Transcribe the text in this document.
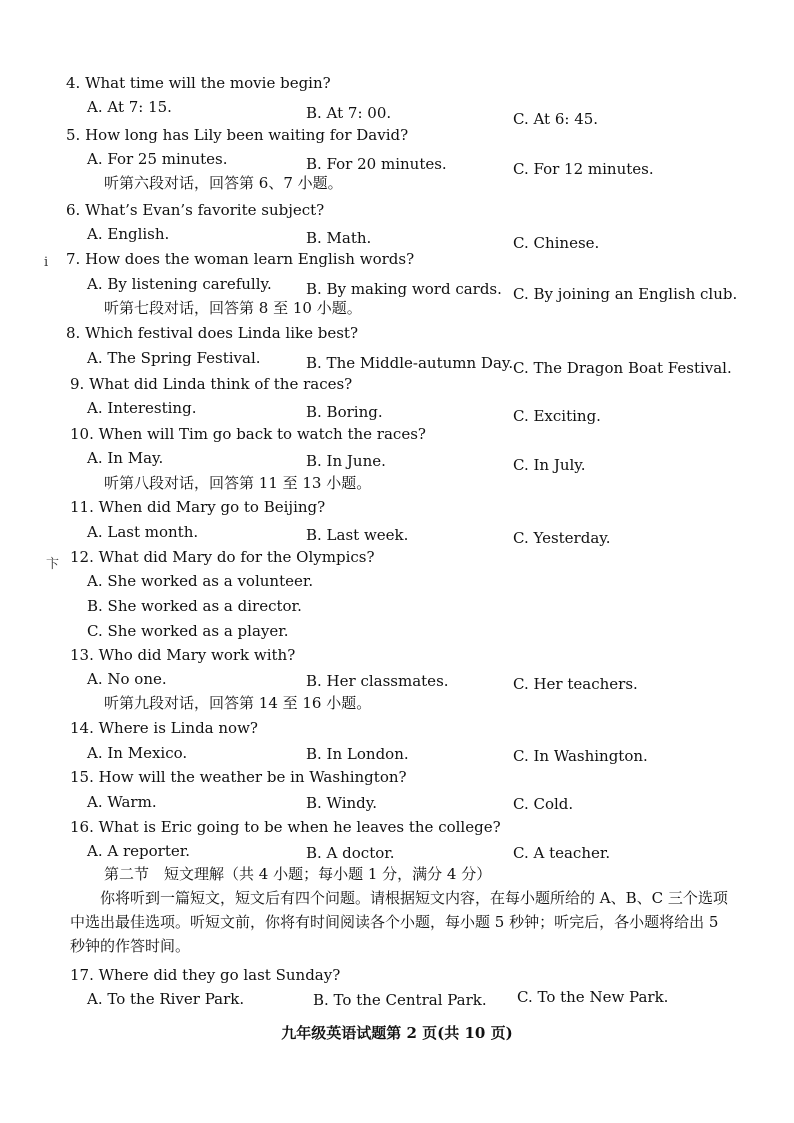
i
卞
4. What time will the movie begin?
A. At 7: 15.	B. At 7: 00.	C. At 6: 45.
5. How long has Lily been waiting for David?
A. For 25 minutes.	B. For 20 minutes.	C. For 12 minutes.
听第六段对话，回答第 6、7 小题。
6. What’s Evan’s favorite subject?
A. English.	B. Math.	C. Chinese.
7. How does the woman learn English words?
A. By listening carefully. B. By making word cards. C. By joining an English club.
听第七段对话，回答第 8 至 10 小题。
8. Which festival does Linda like best?
A. The Spring Festival.	B. The Middle-autumn Day. C. The Dragon Boat Festival.
9. What did Linda think of the races?
A. Interesting.	B. Boring.	C. Exciting.
10. When will Tim go back to watch the races?
A. In May.	B. In June.	C. In July.
听第八段对话，回答第 11 至 13 小题。
11. When did Mary go to Beijing?
A. Last month.	B. Last week.	C. Yesterday.
12. What did Mary do for the Olympics?
A. She worked as a volunteer.
B. She worked as a director.
C. She worked as a player.
13. Who did Mary work with?
A. No one.	B. Her classmates.	C. Her teachers.
听第九段对话，回答第 14 至 16 小题。
14. Where is Linda now?
A. In Mexico.	B. In London.	C. In Washington.
15. How will the weather be in Washington?
A. Warm.	B. Windy.	C. Cold.
16. What is Eric going to be when he leaves the college?
A. A reporter.	B. A doctor.	C. A teacher.
第二节　短文理解（共 4 小题；每小题 1 分，满分 4 分）

你将听到一篇短文，短文后有四个问题。请根据短文内容，在每小题所给的 A、B、C 三个选项中选出最佳选项。听短文前，你将有时间阅读各个小题，每小题 5 秒钟；听完后，各小题将给出 5 秒钟的作答时间。

17. Where did they go last Sunday?
A. To the River Park.	B. To the Central Park. C. To the New Park.
九年级英语试题第 2 页(共 10 页)
